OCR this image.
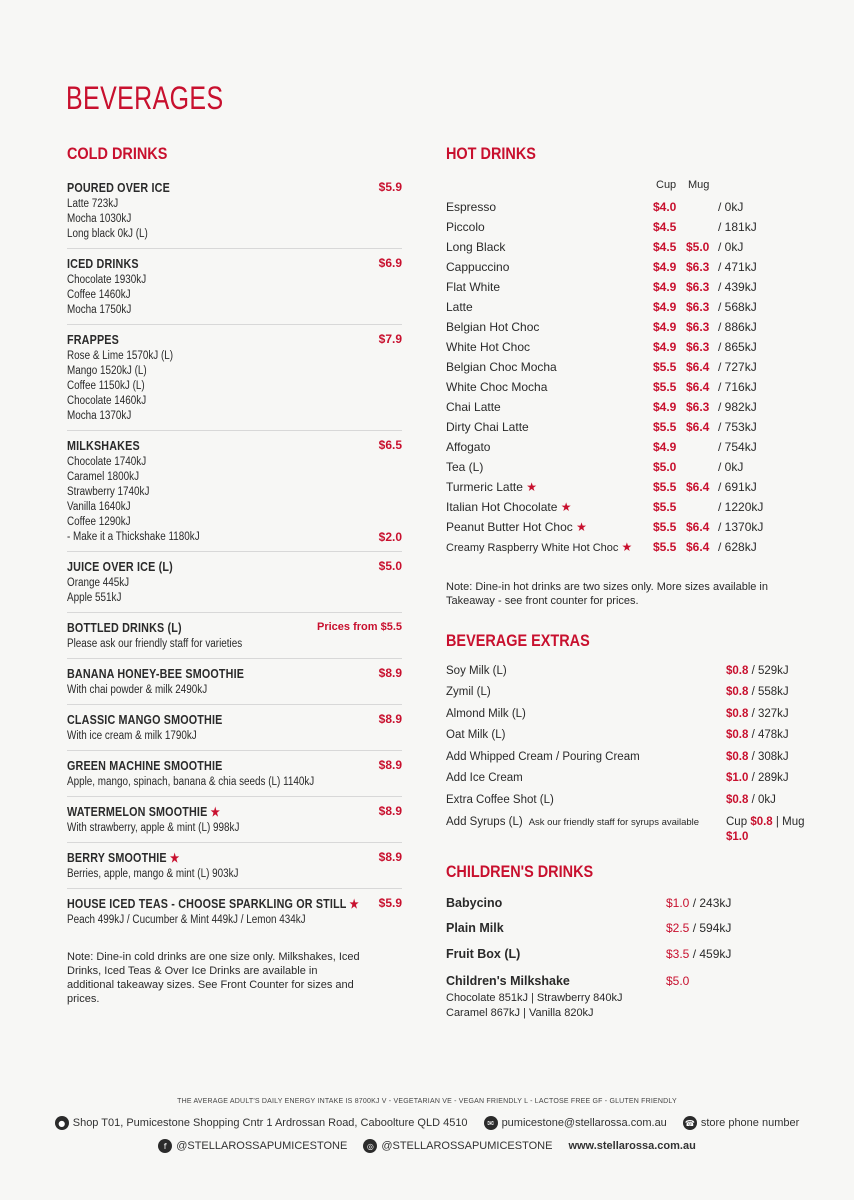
BEVERAGES
COLD DRINKS
POURED OVER ICE	$5.9
Latte 723kJ
Mocha 1030kJ
Long black 0kJ (L)
ICED DRINKS	$6.9
Chocolate 1930kJ
Coffee 1460kJ
Mocha 1750kJ
FRAPPES	$7.9
Rose & Lime 1570kJ (L)
Mango 1520kJ (L)
Coffee 1150kJ (L)
Chocolate 1460kJ
Mocha 1370kJ
MILKSHAKES	$6.5
Chocolate 1740kJ
Caramel 1800kJ
Strawberry 1740kJ
Vanilla 1640kJ
Coffee 1290kJ
- Make it a Thickshake 1180kJ	$2.0
JUICE OVER ICE (L)	$5.0
Orange 445kJ
Apple 551kJ
BOTTLED DRINKS (L)	Prices from $5.5
Please ask our friendly staff for varieties
BANANA HONEY-BEE SMOOTHIE	$8.9
With chai powder & milk 2490kJ
CLASSIC MANGO SMOOTHIE	$8.9
With ice cream & milk 1790kJ
GREEN MACHINE SMOOTHIE	$8.9
Apple, mango, spinach, banana & chia seeds (L) 1140kJ
WATERMELON SMOOTHIE ★	$8.9
With strawberry, apple & mint (L) 998kJ
BERRY SMOOTHIE ★	$8.9
Berries, apple, mango & mint (L) 903kJ
HOUSE ICED TEAS - CHOOSE SPARKLING OR STILL ★	$5.9
Peach 499kJ / Cucumber & Mint 449kJ / Lemon 434kJ
Note: Dine-in cold drinks are one size only. Milkshakes, Iced Drinks, Iced Teas & Over Ice Drinks are available in additional takeaway sizes. See Front Counter for sizes and prices.
HOT DRINKS
Cup Mug
Espresso	$4.0	/ 0kJ
Piccolo	$4.5	/ 181kJ
Long Black	$4.5 $5.0 / 0kJ
Cappuccino	$4.9 $6.3 / 471kJ
Flat White	$4.9 $6.3 / 439kJ
Latte	$4.9 $6.3 / 568kJ
Belgian Hot Choc	$4.9 $6.3 / 886kJ
White Hot Choc	$4.9 $6.3 / 865kJ
Belgian Choc Mocha	$5.5 $6.4 / 727kJ
White Choc Mocha	$5.5 $6.4 / 716kJ
Chai Latte	$4.9 $6.3 / 982kJ
Dirty Chai Latte	$5.5 $6.4 / 753kJ
Affogato	$4.9	/ 754kJ
Tea (L)	$5.0	/ 0kJ
Turmeric Latte ★	$5.5 $6.4 / 691kJ
Italian Hot Chocolate ★	$5.5	/ 1220kJ
Peanut Butter Hot Choc ★	$5.5 $6.4 / 1370kJ
Creamy Raspberry White Hot Choc ★ $5.5 $6.4 / 628kJ
Note: Dine-in hot drinks are two sizes only. More sizes available in Takeaway - see front counter for prices.
BEVERAGE EXTRAS
Soy Milk (L)	$0.8 / 529kJ
Zymil (L)	$0.8 / 558kJ
Almond Milk (L)	$0.8 / 327kJ
Oat Milk (L)	$0.8 / 478kJ
Add Whipped Cream / Pouring Cream	$0.8 / 308kJ
Add Ice Cream	$1.0 / 289kJ
Extra Coffee Shot (L)	$0.8 / 0kJ
Add Syrups (L) Ask our friendly staff for syrups available Cup $0.8 | Mug $1.0
CHILDREN'S DRINKS
Babycino	$1.0 / 243kJ
Plain Milk	$2.5 / 594kJ
Fruit Box (L)	$3.5 / 459kJ
Children's Milkshake	$5.0
Chocolate 851kJ | Strawberry 840kJ
Caramel 867kJ | Vanilla 820kJ
THE AVERAGE ADULT'S DAILY ENERGY INTAKE IS 8700KJ V - VEGETARIAN VE - VEGAN FRIENDLY L - LACTOSE FREE GF - GLUTEN FRIENDLY
● Shop T01, Pumicestone Shopping Cntr 1 Ardrossan Road, Caboolture QLD 4510	✉ pumicestone@stellarossa.com.au ☎ store phone number
f @STELLAROSSAPUMICESTONE	◎ @STELLAROSSAPUMICESTONE www.stellarossa.com.au
